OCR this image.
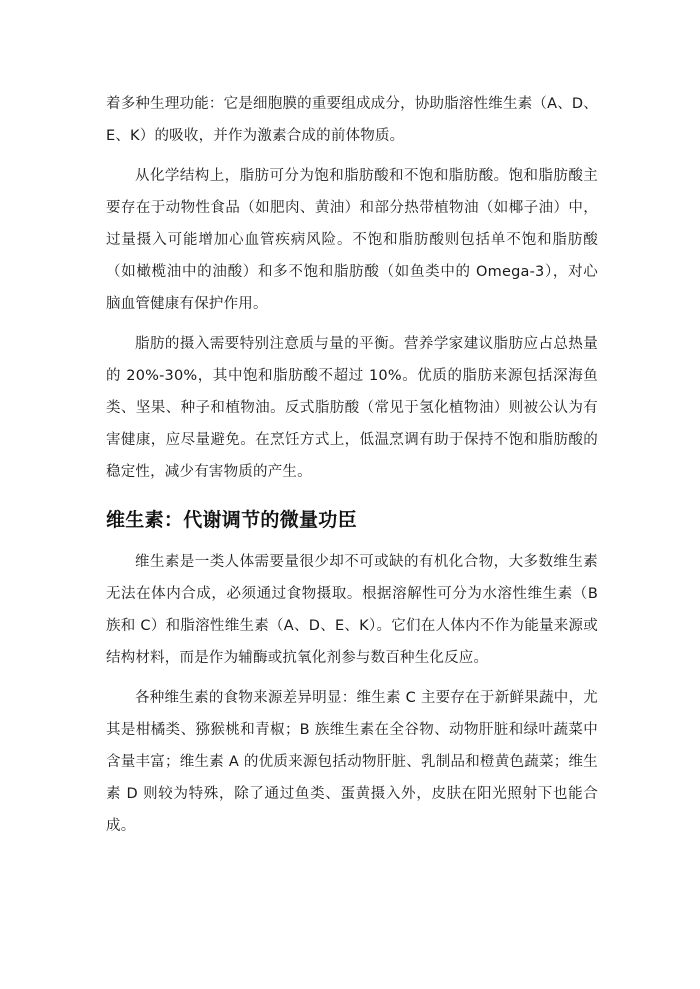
着多种生理功能：它是细胞膜的重要组成成分，协助脂溶性维生素（A、D、E、K）的吸收，并作为激素合成的前体物质。

从化学结构上，脂肪可分为饱和脂肪酸和不饱和脂肪酸。饱和脂肪酸主要存在于动物性食品（如肥肉、黄油）和部分热带植物油（如椰子油）中，过量摄入可能增加心血管疾病风险。不饱和脂肪酸则包括单不饱和脂肪酸（如橄榄油中的油酸）和多不饱和脂肪酸（如鱼类中的 Omega-3），对心脑血管健康有保护作用。

脂肪的摄入需要特别注意质与量的平衡。营养学家建议脂肪应占总热量的 20%-30%，其中饱和脂肪酸不超过 10%。优质的脂肪来源包括深海鱼类、坚果、种子和植物油。反式脂肪酸（常见于氢化植物油）则被公认为有害健康，应尽量避免。在烹饪方式上，低温烹调有助于保持不饱和脂肪酸的稳定性，减少有害物质的产生。

维生素：代谢调节的微量功臣

维生素是一类人体需要量很少却不可或缺的有机化合物，大多数维生素无法在体内合成，必须通过食物摄取。根据溶解性可分为水溶性维生素（B 族和 C）和脂溶性维生素（A、D、E、K）。它们在人体内不作为能量来源或结构材料，而是作为辅酶或抗氧化剂参与数百种生化反应。

各种维生素的食物来源差异明显：维生素 C 主要存在于新鲜果蔬中，尤其是柑橘类、猕猴桃和青椒；B 族维生素在全谷物、动物肝脏和绿叶蔬菜中含量丰富；维生素 A 的优质来源包括动物肝脏、乳制品和橙黄色蔬菜；维生素 D 则较为特殊，除了通过鱼类、蛋黄摄入外，皮肤在阳光照射下也能合成。
